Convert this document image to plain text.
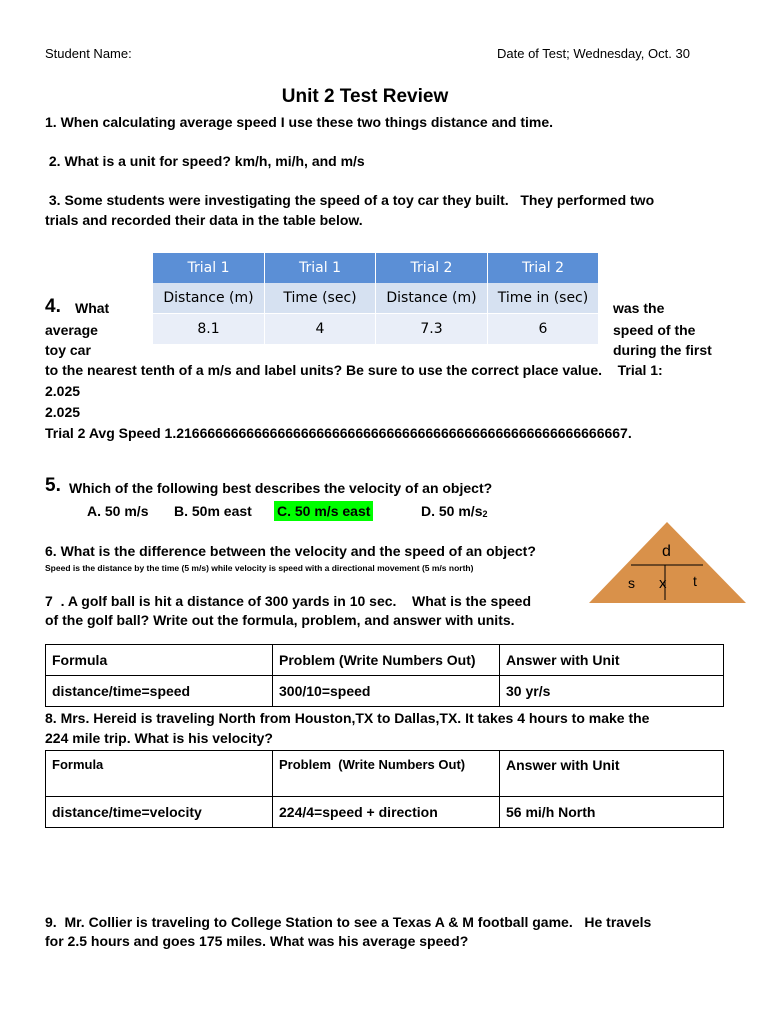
Student Name:	Date of Test; Wednesday, Oct. 30
Unit 2 Test Review
1. When calculating average speed I use these two things distance and time.
2. What is a unit for speed? km/h, mi/h, and m/s
3. Some students were investigating the speed of a toy car they built.   They performed two
trials and recorded their data in the table below.
Trial 1	Trial 1	Trial 2	Trial 2
Distance (m)	Time (sec)	Distance (m)	Time in (sec)
8.1	4	7.3	6
4. What
average
toy car
was the
speed of the
during the first
to the nearest tenth of a m/s and label units? Be sure to use the correct place value.    Trial 1:
2.025
2.025
Trial 2 Avg Speed 1.2166666666666666666666666666666666666666666666666666666667.
5. Which of the following best describes the velocity of an object?
A. 50 m/s B. 50m east C. 50 m/s east	D. 50 m/s2
6. What is the difference between the velocity and the speed of an object?
Speed is the distance by the time (5 m/s) while velocity is speed with a directional movement (5 m/s north)
d
s x t
7  . A golf ball is hit a distance of 300 yards in 10 sec.    What is the speed
of the golf ball? Write out the formula, problem, and answer with units.
Formula	Problem (Write Numbers Out)	Answer with Unit
distance/time=speed	300/10=speed	30 yr/s
8. Mrs. Hereid is traveling North from Houston,TX to Dallas,TX. It takes 4 hours to make the
224 mile trip. What is his velocity?
Formula	Problem  (Write Numbers Out)	Answer with Unit
distance/time=velocity	224/4=speed + direction	56 mi/h North
9.  Mr. Collier is traveling to College Station to see a Texas A & M football game.   He travels
for 2.5 hours and goes 175 miles. What was his average speed?
